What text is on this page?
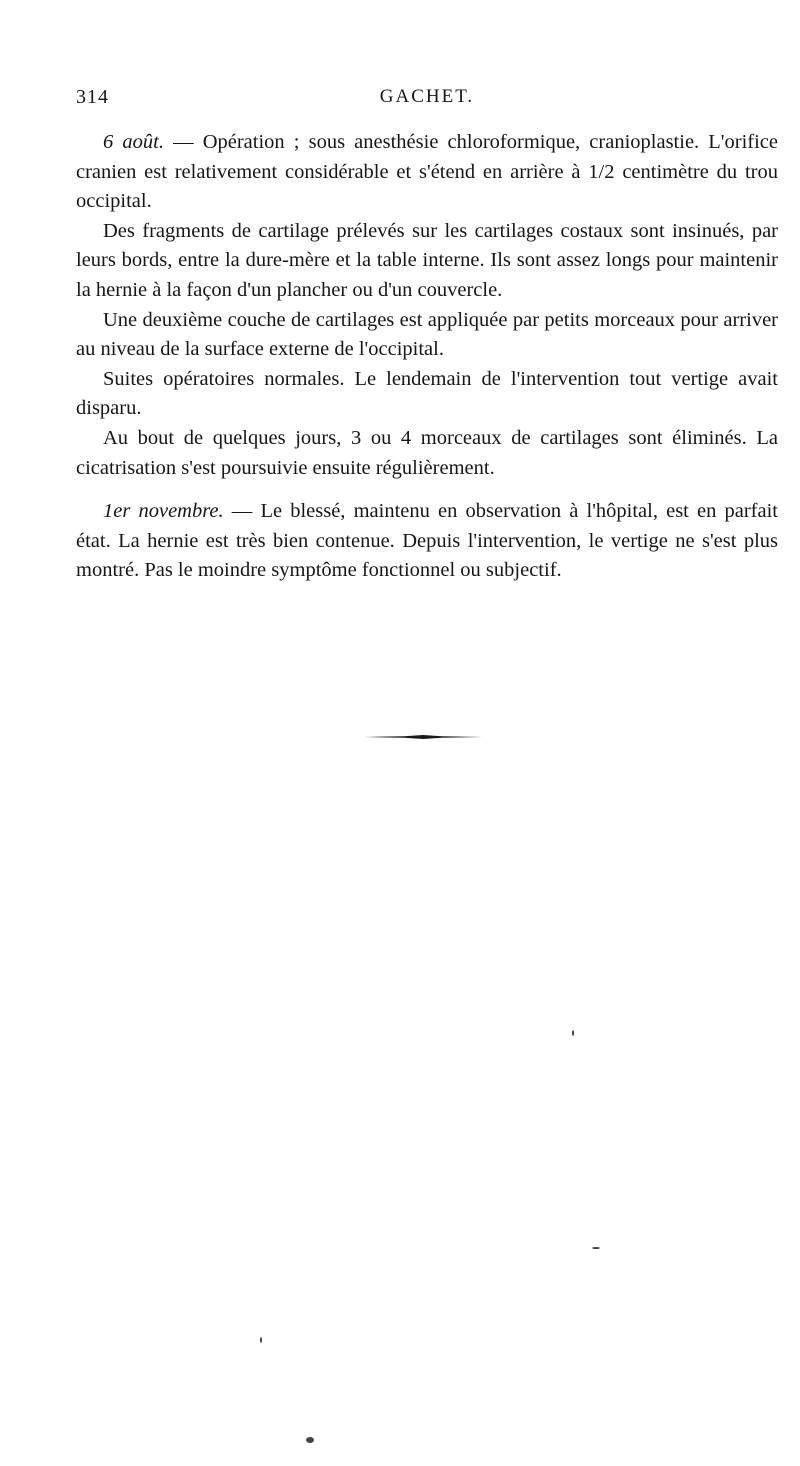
314	GACHET.

6 août. — Opération ; sous anesthésie chloroformique, cranioplastie. L'orifice cranien est relativement considérable et s'étend en arrière à 1/2 centimètre du trou occipital.

Des fragments de cartilage prélevés sur les cartilages costaux sont insinués, par leurs bords, entre la dure-mère et la table interne. Ils sont assez longs pour maintenir la hernie à la façon d'un plancher ou d'un couvercle.

Une deuxième couche de cartilages est appliquée par petits morceaux pour arriver au niveau de la surface externe de l'occipital.

Suites opératoires normales. Le lendemain de l'intervention tout vertige avait disparu.

Au bout de quelques jours, 3 ou 4 morceaux de cartilages sont éliminés. La cicatrisation s'est poursuivie ensuite régulièrement.

1er novembre. — Le blessé, maintenu en observation à l'hôpital, est en parfait état. La hernie est très bien contenue. Depuis l'intervention, le vertige ne s'est plus montré. Pas le moindre symptôme fonctionnel ou subjectif.
